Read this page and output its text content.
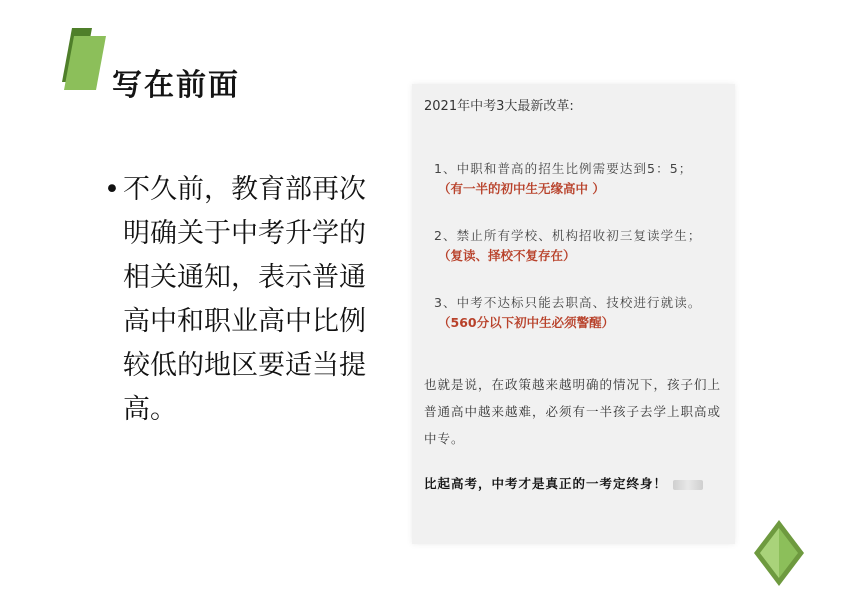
写在前面
• 不久前，教育部再次明确关于中考升学的相关通知，表示普通高中和职业高中比例较低的地区要适当提高。
2021年中考3大最新改革:
1、中职和普高的招生比例需要达到5：5；
（有一半的初中生无缘高中 ）
2、禁止所有学校、机构招收初三复读学生；
（复读、择校不复存在）
3、中考不达标只能去职高、技校进行就读。
（560分以下初中生必须警醒）
也就是说，在政策越来越明确的情况下，孩子们上普通高中越来越难，必须有一半孩子去学上职高或中专。
比起高考，中考才是真正的一考定终身！
